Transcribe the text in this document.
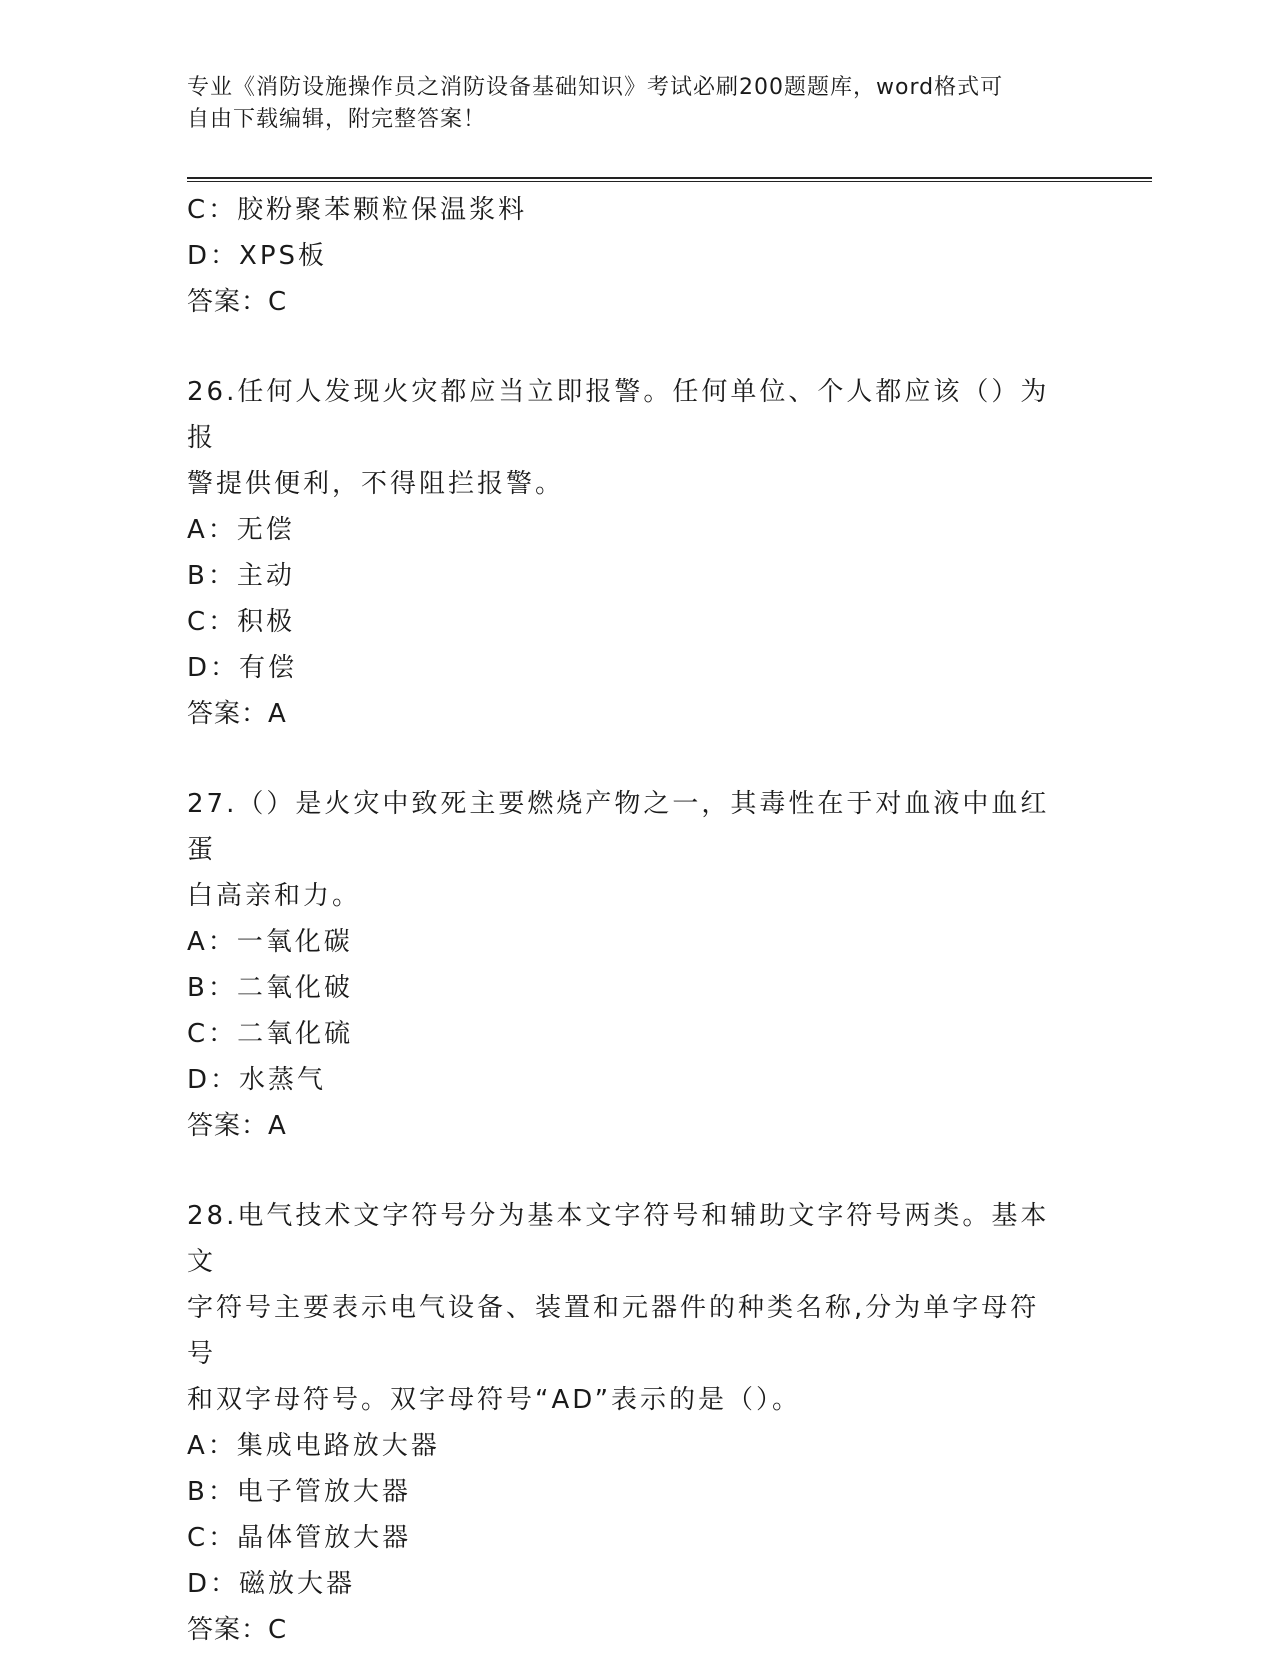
专业《消防设施操作员之消防设备基础知识》考试必刷200题题库，word格式可
自由下载编辑，附完整答案！
C：胶粉聚苯颗粒保温浆料
D：XPS板
答案：C
26.任何人发现火灾都应当立即报警。任何单位、个人都应该（）为报
警提供便利，不得阻拦报警。
A：无偿
B：主动
C：积极
D：有偿
答案：A
27.（）是火灾中致死主要燃烧产物之一，其毒性在于对血液中血红蛋
白高亲和力。
A：一氧化碳
B：二氧化破
C：二氧化硫
D：水蒸气
答案：A
28.电气技术文字符号分为基本文字符号和辅助文字符号两类。基本文
字符号主要表示电气设备、装置和元器件的种类名称,分为单字母符号
和双字母符号。双字母符号“AD”表示的是（）。
A：集成电路放大器
B：电子管放大器
C：晶体管放大器
D：磁放大器
答案：C
